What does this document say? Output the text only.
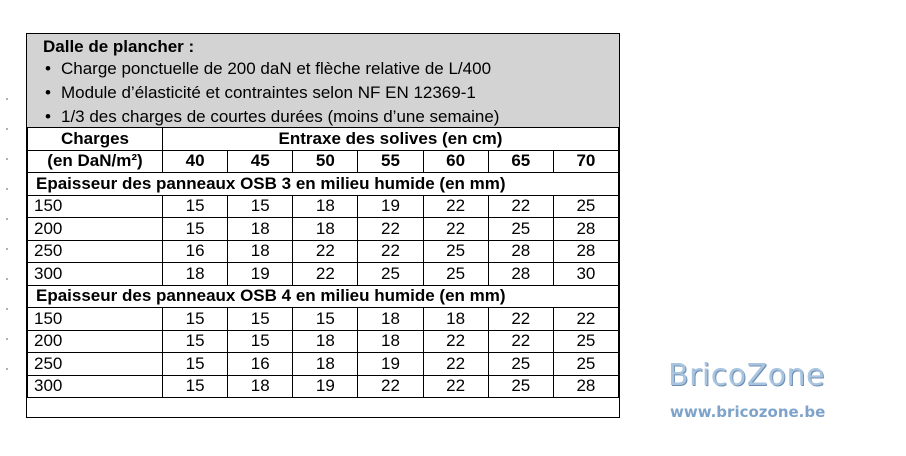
Dalle de plancher :
• Charge ponctuelle de 200 daN et flèche relative de L/400
• Module d’élasticité et contraintes selon NF EN 12369-1
• 1/3 des charges de courtes durées (moins d’une semaine)
Charges	Entraxe des solives (en cm)						
(en DaN/m²)	40	45	50	55	60	65	70
Epaisseur des panneaux OSB 3 en milieu humide (en mm)							
150	15	15	18	19	22	22	25
200	15	18	18	22	22	25	28
250	16	18	22	22	25	28	28
300	18	19	22	25	25	28	30
Epaisseur des panneaux OSB 4 en milieu humide (en mm)							
150	15	15	15	18	18	22	22
200	15	15	18	18	22	22	25
250	15	16	18	19	22	25	25
300	15	18	19	22	22	25	28 BricoZone
www.bricozone.be
